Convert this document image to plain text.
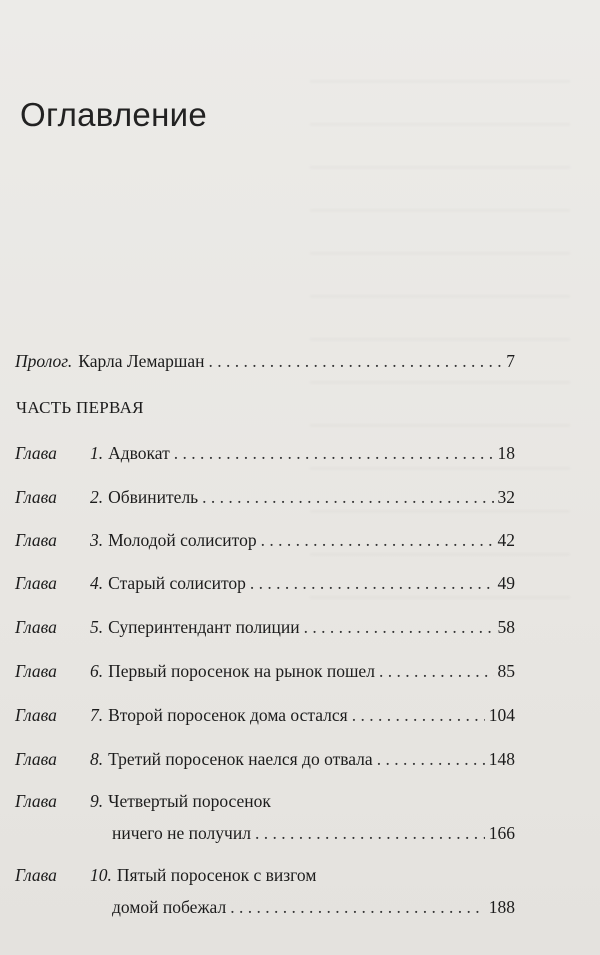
Оглавление
Пролог. Карла Лемаршан . . .	7
ЧАСТЬ ПЕРВАЯ
Глава	1. Адвокат . . .	18
Глава	2. Обвинитель . . .	32
Глава	3. Молодой солиситор . . .	42
Глава	4. Старый солиситор . . .	49
Глава	5. Суперинтендант полиции . . .	58
Глава	6. Первый поросенок на рынок пошел . . .	85
Глава	7. Второй поросенок дома остался . . .	104
Глава	8. Третий поросенок наелся до отвала . . .	148
Глава	9. Четвертый поросенок
ничего не получил . . .	166
Глава	10. Пятый поросенок с визгом
домой побежал . . .	188
